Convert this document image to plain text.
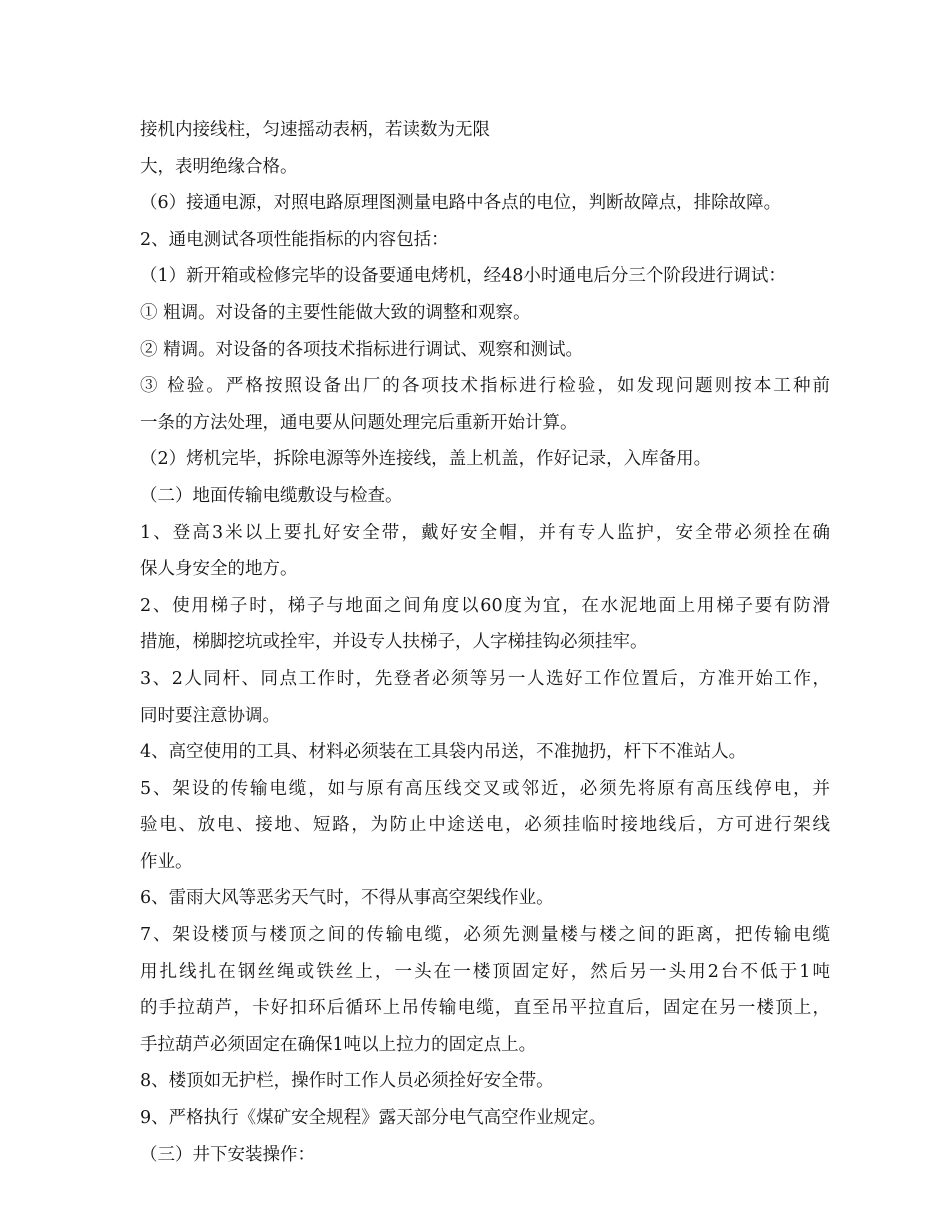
接机内接线柱，匀速摇动表柄，若读数为无限
大，表明绝缘合格。
（6）接通电源，对照电路原理图测量电路中各点的电位，判断故障点，排除故障。
2、通电测试各项性能指标的内容包括：
（1）新开箱或检修完毕的设备要通电烤机，经48小时通电后分三个阶段进行调试：
① 粗调。对设备的主要性能做大致的调整和观察。
② 精调。对设备的各项技术指标进行调试、观察和测试。
③ 检验。严格按照设备出厂的各项技术指标进行检验，如发现问题则按本工种前
一条的方法处理，通电要从问题处理完后重新开始计算。
（2）烤机完毕，拆除电源等外连接线，盖上机盖，作好记录，入库备用。
（二）地面传输电缆敷设与检查。
1、登高3米以上要扎好安全带，戴好安全帽，并有专人监护，安全带必须拴在确
保人身安全的地方。
2、使用梯子时，梯子与地面之间角度以60度为宜，在水泥地面上用梯子要有防滑
措施，梯脚挖坑或拴牢，并设专人扶梯子，人字梯挂钩必须挂牢。
3、2人同杆、同点工作时，先登者必须等另一人选好工作位置后，方准开始工作，
同时要注意协调。
4、高空使用的工具、材料必须装在工具袋内吊送，不准抛扔，杆下不准站人。
5、架设的传输电缆，如与原有高压线交叉或邻近，必须先将原有高压线停电，并
验电、放电、接地、短路，为防止中途送电，必须挂临时接地线后，方可进行架线
作业。
6、雷雨大风等恶劣天气时，不得从事高空架线作业。
7、架设楼顶与楼顶之间的传输电缆，必须先测量楼与楼之间的距离，把传输电缆
用扎线扎在钢丝绳或铁丝上，一头在一楼顶固定好，然后另一头用2台不低于1吨
的手拉葫芦，卡好扣环后循环上吊传输电缆，直至吊平拉直后，固定在另一楼顶上，
手拉葫芦必须固定在确保1吨以上拉力的固定点上。
8、楼顶如无护栏，操作时工作人员必须拴好安全带。
9、严格执行《煤矿安全规程》露天部分电气高空作业规定。
（三）井下安装操作：
